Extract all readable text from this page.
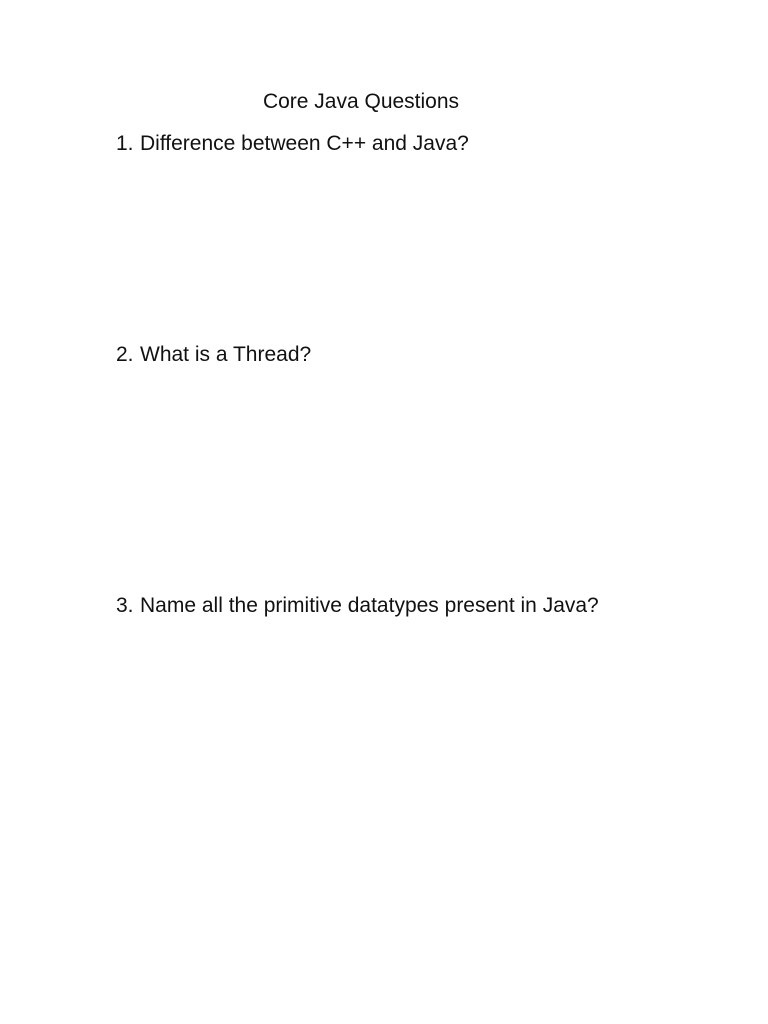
Core Java Questions
1. Difference between C++ and Java?
2. What is a Thread?
3. Name all the primitive datatypes present in Java?
